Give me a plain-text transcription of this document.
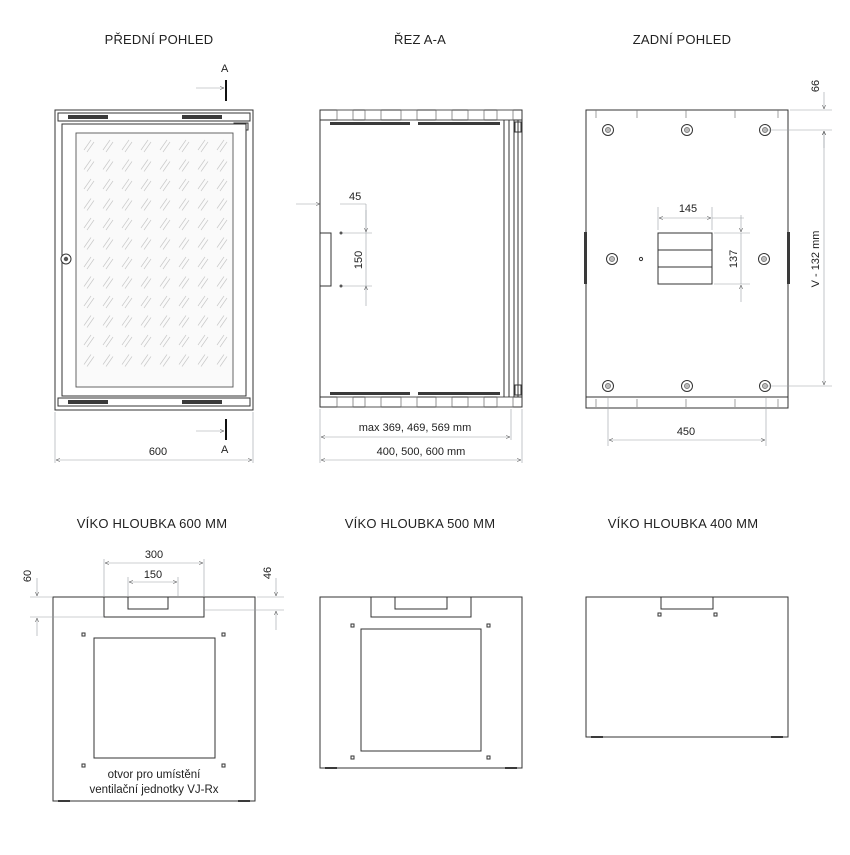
PŘEDNÍ POHLED	ŘEZ A-A	ZADNÍ POHLED
VÍKO HLOUBKA 600 MM	VÍKO HLOUBKA 500 MM	VÍKO HLOUBKA 400 MM
A
A
600
45
150
max 369, 469, 569 mm
400, 500, 600 mm
145
137
66
V - 132 mm
450
300
150
60	46
otvor pro umístění
ventilační jednotky VJ-Rx
